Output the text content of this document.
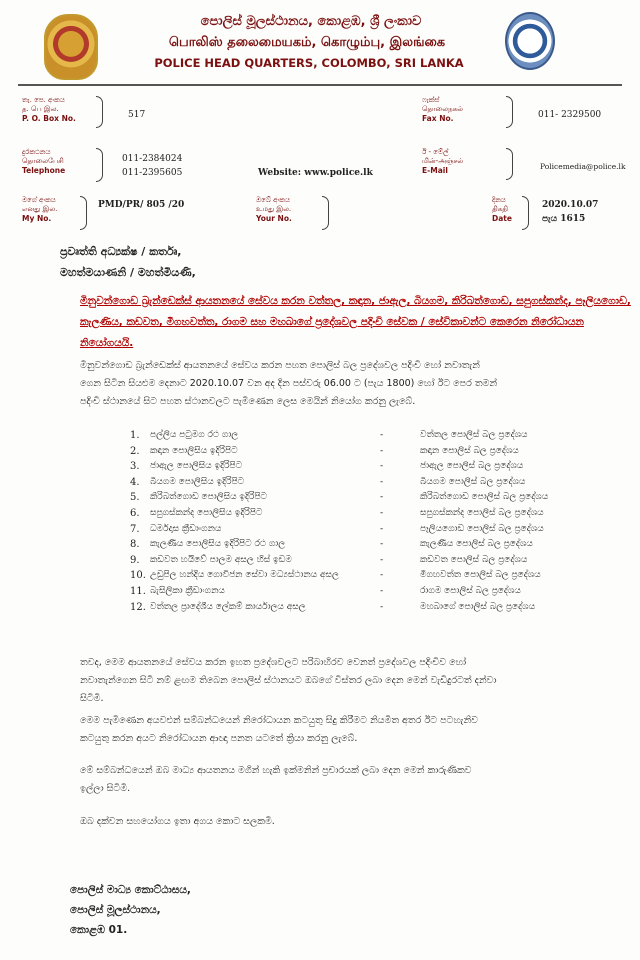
පොලිස් මූලස්ථානය, කොළඹ, ශ්‍රී ලංකාව
பொலிஸ் தலைமையகம், கொழும்பு, இலங்கை
POLICE HEAD QUARTERS, COLOMBO, SRI LANKA
තැ. පෙ. අංකය
த. பெ இல.
P. O. Box No.	517
ෆැක්ස්
தொலைநகல்
Fax No.	011- 2329500
දුරකථනය
தொலைபேசி
Telephone
011-2384024
011-2395605	Website: www.police.lk
ඊ - මේල්
மின்-அஞ்சல்
E-Mail	Policemedia@police.lk
මගේ අංකය
எனது இல.
My No.
PMD/PR/ 805 /20	ඔබේ අංකය
உமது இல.
Your No.
දිනය
திகதி
Date
2020.10.07
පැය 1615
ප්‍රවෘත්ති අධ්‍යක්ෂ / කර්තෘ,
මහත්මයාණනි / මහත්මියණි,
මිනුවන්ගොඩ බ්‍රැන්ඩෙක්ස් ආයතනයේ සේවය කරන වත්තල, කඳාන, ජාඇල, බියගම, කිරිබත්ගොඩ, සපුගස්කන්ද, පෑලියගොඩ, කැලණිය, කඩවත, මීගහවත්ත, රාගම සහ මහබාගේ ප්‍රදේශවල පදිංචි සේවක / සේවිකාවන්ට කෙරෙන නිරෝධායන නියෝගයයි.
මිනුවන්ගොඩ බ්‍රැන්ඩෙක්ස් ආයතනයේ සේවය කරන පහත පොලිස් බල ප්‍රදේශවල පදිංචි හෝ නවාතැන්
ගෙන සිටින සියළුම දෙනාට 2020.10.07 වන අද දින පස්වරු 06.00 ට (පැය 1800) හෝ ඊට පෙර තමන්
පදිංචි ස්ථානයේ සිට පහත ස්ථානවලට පැමිණෙන ලෙස මෙයින් නියෝග කරනු ලැබේ.
1.	පල්ලිය පටුමග රථ ගාල	-	වත්තල පොලිස් බල ප්‍රදේශය
2.	කඳාන පොලිසිය ඉදිරිපිට	-	කඳාන පොලිස් බල ප්‍රදේශය
3.	ජාඇල පොලිසිය ඉදිරිපිට	-	ජාඇල පොලිස් බල ප්‍රදේශය
4.	බියගම පොලිසිය ඉදිරිපිට	-	බියගම පොලිස් බල ප්‍රදේශය
5.	කිරිබත්ගොඩ පොලිසිය ඉදිරිපිට	-	කිරිබත්ගොඩ පොලිස් බල ප්‍රදේශය
6.	සපුගස්කන්ද පොලිසිය ඉදිරිපිට	-	සපුගස්කන්ද පොලිස් බල ප්‍රදේශය
7.	ධර්මදාස ක්‍රීඩාංගනය	-	පෑලියගොඩ පොලිස් බල ප්‍රදේශය
8.	කැලණිය පොලිසිය ඉදිරිපිට රථ ගාල	-	කැලණිය පොලිස් බල ප්‍රදේශය
9.	කඩවත හයිවේ පාලම අසල හිස් ඉඩම	-	කඩවත පොලිස් බල ප්‍රදේශය
10. උඩුපිල හන්දිය ගොවිජන සේවා මධ්‍යස්ථානය අසල	-	මීගහවත්ත පොලිස් බල ප්‍රදේශය
11. බැසිලිකා ක්‍රීඩාංගනය	-	රාගම පොලිස් බල ප්‍රදේශය
12. වත්තල ප්‍රාදේශීය ලේකම් කාර්යාලය අසල	-	මහබාගේ පොලිස් බල ප්‍රදේශය
තවද, මෙම ආයතනයේ සේවය කරන ඉහත ප්‍රදේශවලට පරිබාහිරව වෙනත් ප්‍රදේශවල පදිංචිව හෝ
නවාතැන්ගෙන සිටී නම් ළඟම තිබෙන පොලිස් ස්ථානයට ඔබගේ විස්තර ලබා දෙන මෙන් වැඩිදුරටත් දන්වා
සිටිමි.
මෙම පැමිණෙන අයවළුන් සම්බන්ධයෙන් නිරෝධායන කටයුතු සිදු කිරීමට නියමිත අතර ඊට පටහැනිව
කටයුතු කරන අයට නිරෝධායන ආඥා පනත යටතේ ක්‍රියා කරනු ලැබේ.
මේ සම්බන්ධයෙන් ඔබ මාධ්‍ය ආයතනය මගින් හැකි ඉක්මනින් ප්‍රචාරයක් ලබා දෙන මෙන් කාරුණිකව
ඉල්ලා සිටිමි.
ඔබ දක්වන සහයෝගය ඉතා අගය කොට සලකමි.
පොලිස් මාධ්‍ය කොට්ඨාසය,
පොලිස් මූලස්ථානය,
කොළඹ 01.
